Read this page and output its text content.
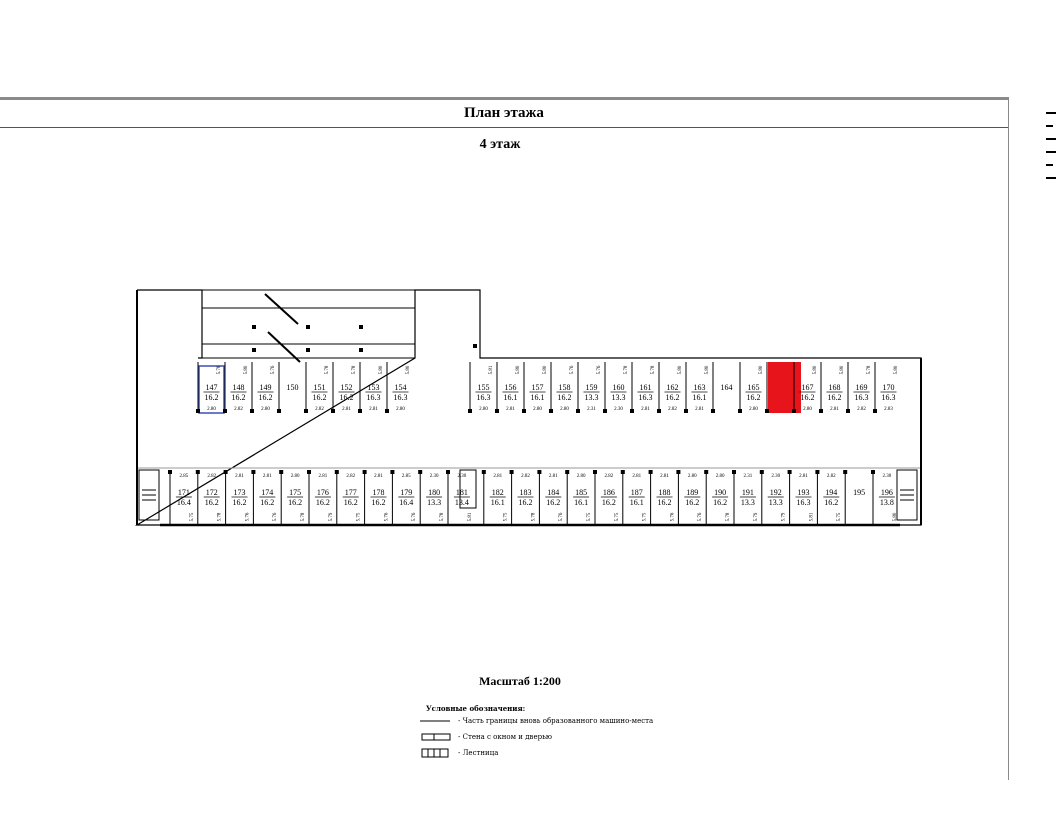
План этажа
4 этаж
147
16.2
5.78
2.80
148
16.2
5.80
2.82
149
16.2
5.76
2.80
150 151
16.2
5.78
2.82
152
16.2
5.78
2.81
153
16.3
5.80
2.81
154
16.3
5.80
2.80
155
16.3
5.81
2.80
156
16.1
5.80
2.81
157
16.1
5.80
2.80
158
16.2
5.76
2.80
159
13.3
5.76
2.31
160
13.3
5.78
2.30
161
16.3
5.78
2.81
162
16.2
5.80
2.82
163
16.1
5.80
2.81
164 165
16.2
5.80
2.80
167
16.2
5.80
2.80
168
16.2
5.80
2.81
169
16.3
5.78
2.82
170
16.3
5.80
2.83
171
16.4
2.85
5.75
172
16.2
2.82
5.78
173
16.2
2.81
5.76
174
16.2
2.81
5.76
175
16.2
2.80
5.78
176
16.2
2.81
5.79
177
16.2
2.82
5.75
178
16.2
2.81
5.76
179
16.4
2.85
5.76
180
13.3
2.30
5.78
181
13.4
2.30
5.81
182
16.1
2.81
5.75
183
16.2
2.82
5.78
184
16.2
2.81
5.76
185
16.1
2.80
5.75
186
16.2
2.82
5.75
187
16.1
2.81
5.75
188
16.2
2.81
5.76
189
16.2
2.80
5.76
190
16.2
2.80
5.78
191
13.3
2.31
5.79
192
13.3
2.30
5.79
193
16.3
2.81
5.81
194
16.2
2.82
5.75
195 196
13.8
2.30
5.80
Масштаб 1:200
Условные обозначения:
- Часть границы вновь образованного машино-места
- Стена с окном и дверью
- Лестница
